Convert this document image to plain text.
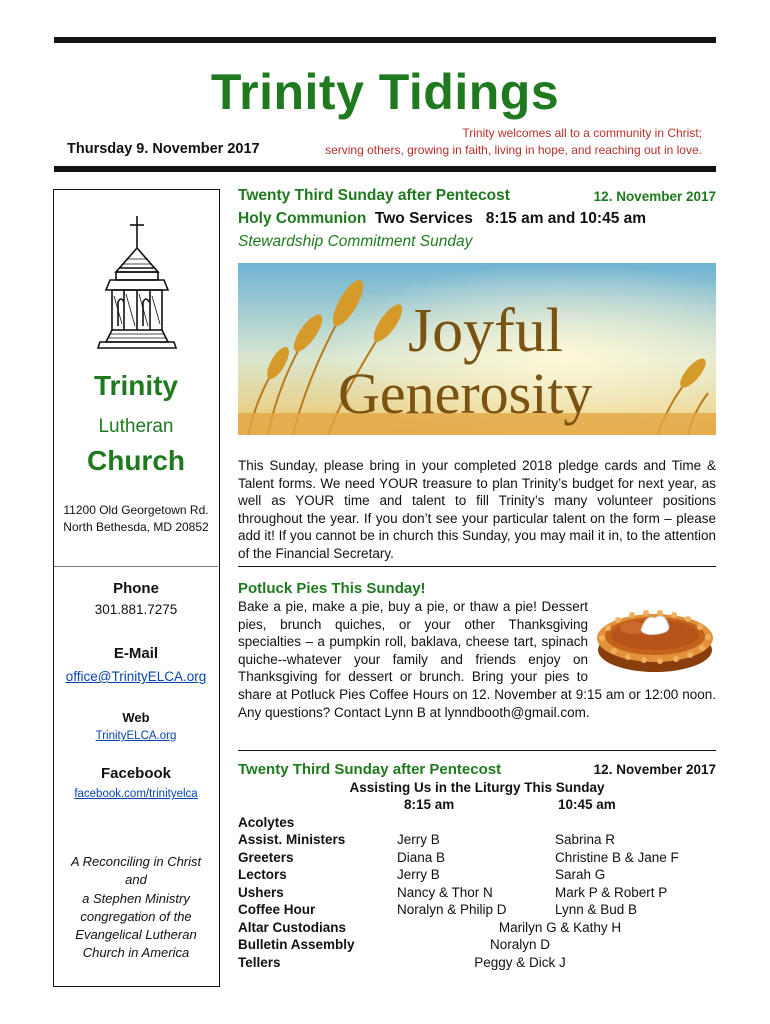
Trinity Tidings
Thursday 9. November 2017
Trinity welcomes all to a community in Christ;
serving others, growing in faith, living in hope, and reaching out in love.
Trinity
Lutheran
Church
11200 Old Georgetown Rd.
North Bethesda, MD 20852
Phone
301.881.7275
E-Mail
office@TrinityELCA.org
Web
TrinityELCA.org
Facebook
facebook.com/trinityelca
A Reconciling in Christ
and
a Stephen Ministry
congregation of the
Evangelical Lutheran
Church in America
Twenty Third Sunday after Pentecost	12. November 2017
Holy Communion  Two Services   8:15 am and 10:45 am
Stewardship Commitment Sunday
Joyful
Generosity
This Sunday, please bring in your completed 2018 pledge cards and Time & Talent forms. We need YOUR treasure to plan Trinity’s budget for next year, as well as YOUR time and talent to fill Trinity’s many volunteer positions throughout the year. If you don’t see your particular talent on the form – please add it! If you cannot be in church this Sunday, you may mail it in, to the attention of the Financial Secretary.
Potluck Pies This Sunday!
Bake a pie, make a pie, buy a pie, or thaw a pie! Dessert pies, brunch quiches, or your other Thanksgiving specialties – a pumpkin roll, baklava, cheese tart, spinach quiche--whatever your family and friends enjoy on Thanksgiving for dessert or brunch. Bring your pies to share at Potluck Pies Coffee Hours on 12. November at 9:15 am or 12:00 noon. Any questions? Contact Lynn B at lynndbooth@gmail.com.
Twenty Third Sunday after Pentecost	12. November 2017
Assisting Us in the Liturgy This Sunday
8:15 am	10:45 am
Acolytes
Assist. Ministers	Jerry B	Sabrina R
Greeters	Diana B	Christine B & Jane F
Lectors	Jerry B	Sarah G
Ushers	Nancy & Thor N	Mark P & Robert P
Coffee Hour	Noralyn & Philip D	Lynn & Bud B
Altar Custodians	Marilyn G & Kathy H
Bulletin Assembly	Noralyn D
Tellers	Peggy & Dick J
